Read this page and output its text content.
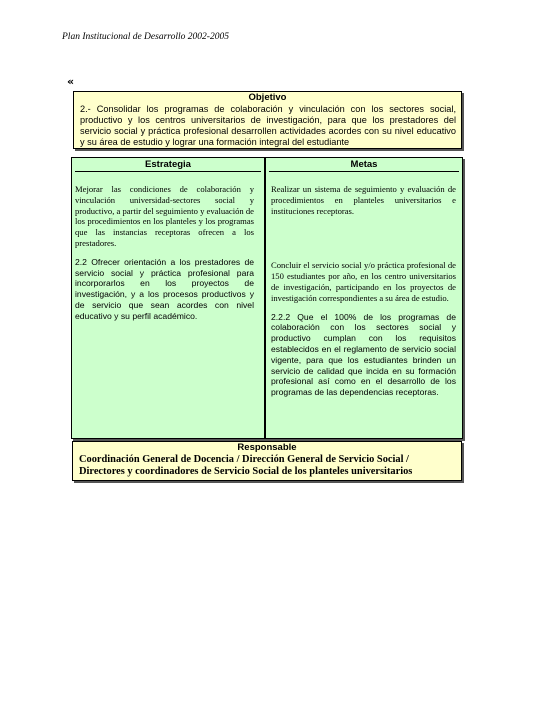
Plan Institucional de Desarrollo 2002-2005
«
Objetivo
2.- Consolidar los programas de colaboración y vinculación con los sectores social, productivo y los centros universitarios de investigación, para que los prestadores del servicio social y práctica profesional desarrollen actividades acordes con su nivel educativo y su área de estudio y lograr una formación integral del estudiante
Estrategia

Mejorar las condiciones de colaboración y vinculación universidad-sectores social y productivo, a partir del seguimiento y evaluación de los procedimientos en los planteles y los programas que las instancias receptoras ofrecen a los prestadores.

2.2 Ofrecer orientación a los prestadores de servicio social y práctica profesional para incorporarlos en los proyectos de investigación, y a los procesos productivos y de servicio que sean acordes con nivel educativo y su perfil académico.

Metas

Realizar un sistema de seguimiento y evaluación de procedimientos en planteles universitarios e instituciones receptoras.

Concluir el servicio social y/o práctica profesional de 150 estudiantes por año, en los centro universitarios de investigación, participando en los proyectos de investigación correspondientes a su área de estudio.

2.2.2 Que el 100% de los programas de colaboración con los sectores social y productivo cumplan con los requisitos establecidos en el reglamento de servicio social vigente, para que los estudiantes brinden un servicio de calidad que incida en su formación profesional así como en el desarrollo de los programas de las dependencias receptoras.

Responsable
Coordinación General de Docencia / Dirección General de Servicio Social / Directores y coordinadores de Servicio Social de los planteles universitarios
